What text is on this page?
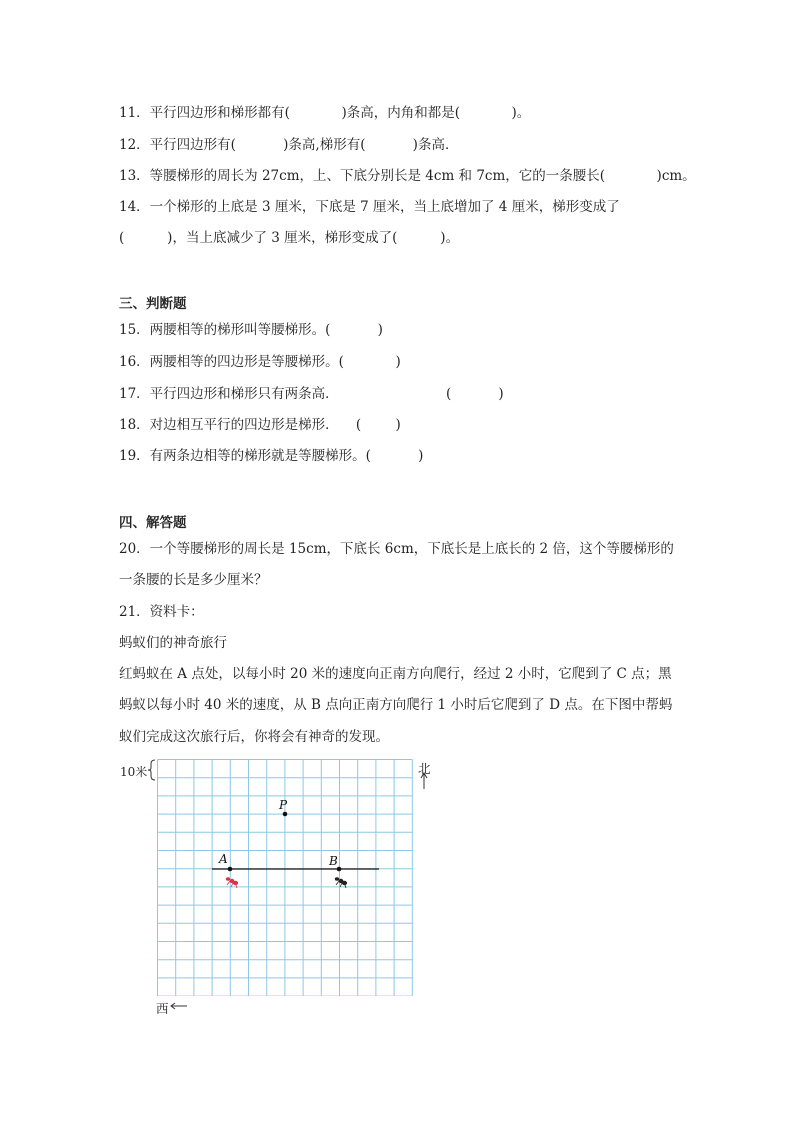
11．平行四边形和梯形都有(            )条高，内角和都是(            )。
12．平行四边形有(           )条高,梯形有(           )条高．
13．等腰梯形的周长为 27cm，上、下底分别长是 4cm 和 7cm，它的一条腰长(            )cm。
14．一个梯形的上底是 3 厘米，下底是 7 厘米，当上底增加了 4 厘米，梯形变成了
(          )，当上底减少了 3 厘米，梯形变成了(          )。
三、判断题
15．两腰相等的梯形叫等腰梯形。(           )
16．两腰相等的四边形是等腰梯形。(            )
17．平行四边形和梯形只有两条高．                         (           )
18．对边相互平行的四边形是梯形．    (        )
19．有两条边相等的梯形就是等腰梯形。(           )
四、解答题
20．一个等腰梯形的周长是 15cm，下底长 6cm，下底长是上底长的 2 倍，这个等腰梯形的
一条腰的长是多少厘米？
21．资料卡：
蚂蚁们的神奇旅行
红蚂蚁在 A 点处，以每小时 20 米的速度向正南方向爬行，经过 2 小时，它爬到了 C 点；黑
蚂蚁以每小时 40 米的速度，从 B 点向正南方向爬行 1 小时后它爬到了 D 点。在下图中帮蚂
蚁们完成这次旅行后，你将会有神奇的发现。
10米	北
西
P
A	B
